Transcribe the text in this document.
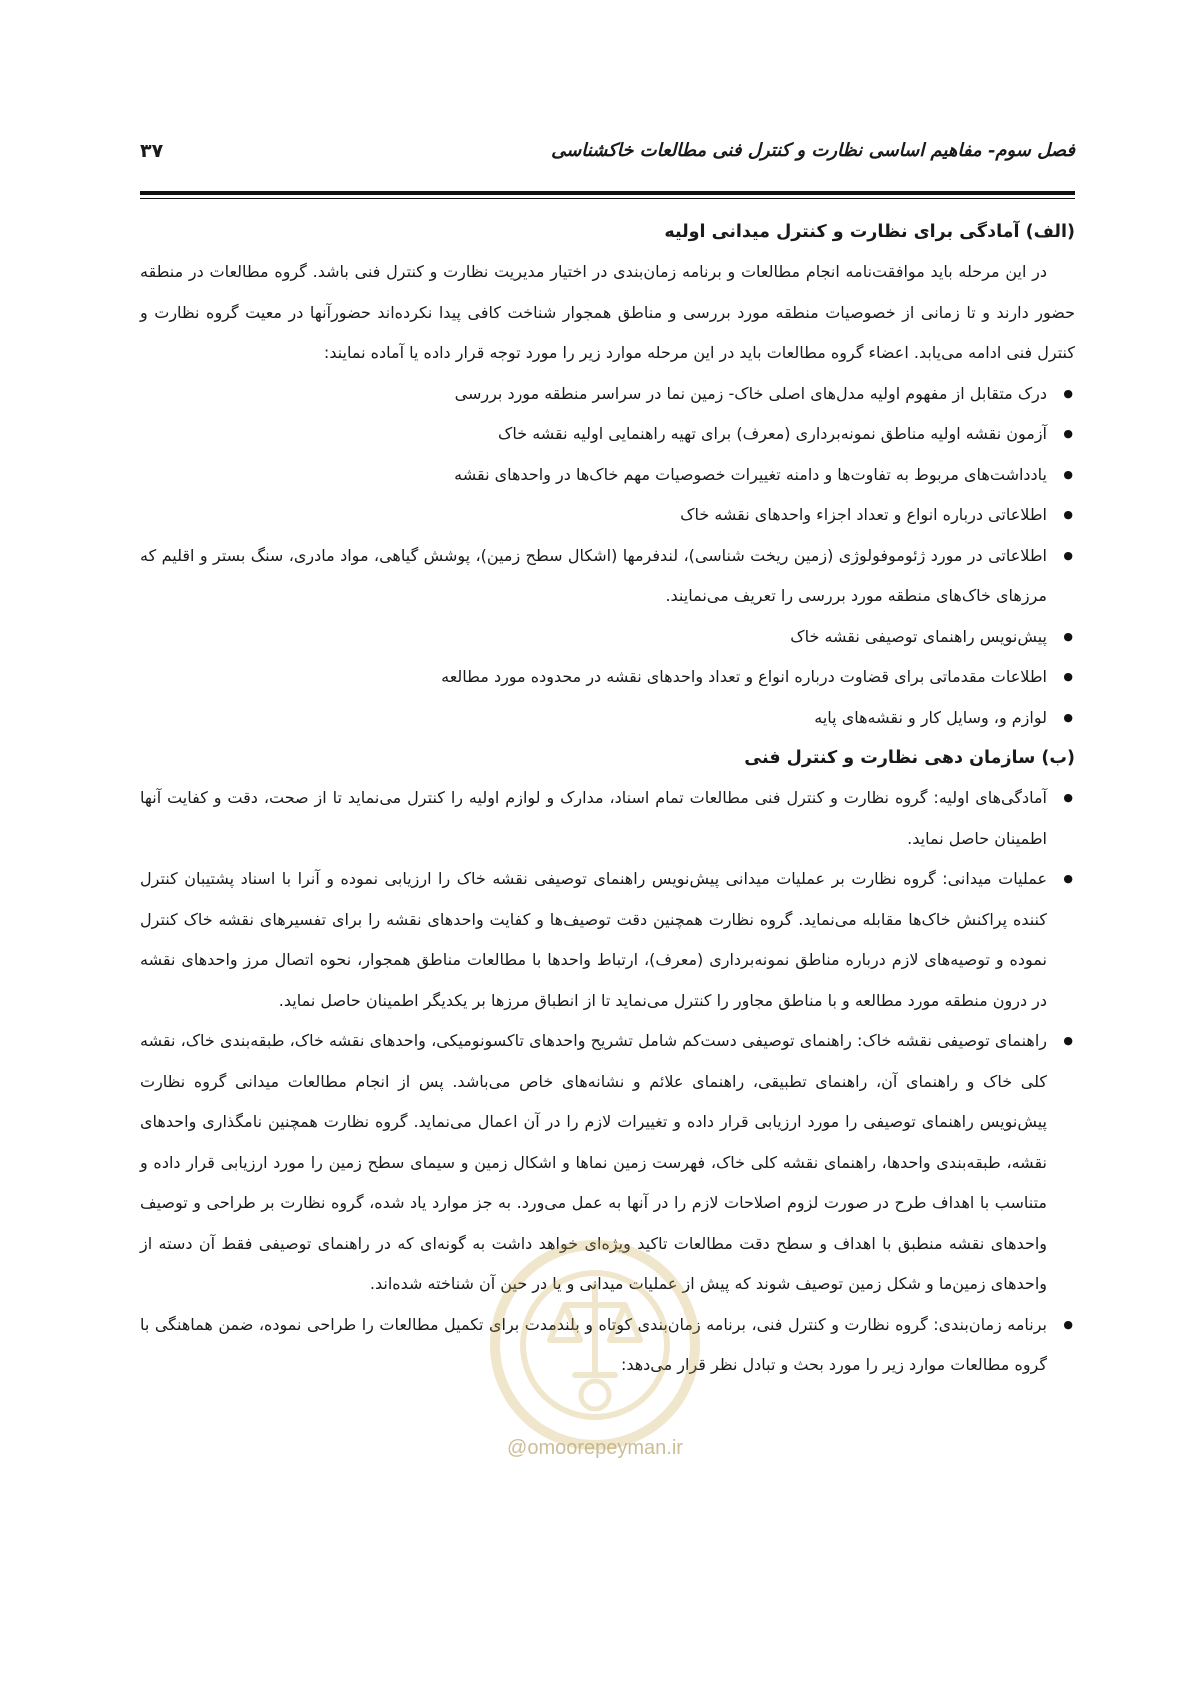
فصل سوم- مفاهیم اساسی نظارت و کنترل فنی مطالعات خاکشناسی
۳۷
(الف) آمادگی برای نظارت و کنترل میدانی اولیه

در این مرحله باید موافقت‌نامه انجام مطالعات و برنامه زمان‌بندی در اختیار مدیریت نظارت و کنترل فنی باشد. گروه مطالعات در منطقه حضور دارند و تا زمانی از خصوصیات منطقه مورد بررسی و مناطق همجوار شناخت کافی پیدا نکرده‌اند حضورآنها در معیت گروه نظارت و کنترل فنی ادامه می‌یابد. اعضاء گروه مطالعات باید در این مرحله موارد زیر را مورد توجه قرار داده یا آماده نمایند:

● درک متقابل از مفهوم اولیه مدل‌های اصلی خاک- زمین نما در سراسر منطقه مورد بررسی
● آزمون نقشه اولیه مناطق نمونه‌برداری (معرف) برای تهیه راهنمایی اولیه نقشه خاک
● یادداشت‌های مربوط به تفاوت‌ها و دامنه تغییرات خصوصیات مهم خاک‌ها در واحدهای نقشه
● اطلاعاتی درباره انواع و تعداد اجزاء واحدهای نقشه خاک
● اطلاعاتی در مورد ژئوموفولوژی (زمین ریخت شناسی)، لندفرمها (اشکال سطح زمین)، پوشش گیاهی، مواد مادری، سنگ بستر و اقلیم که مرزهای خاک‌های منطقه مورد بررسی را تعریف می‌نمایند.
● پیش‌نویس راهنمای توصیفی نقشه خاک
● اطلاعات مقدماتی برای قضاوت درباره انواع و تعداد واحدهای نقشه در محدوده مورد مطالعه
● لوازم و، وسایل کار و نقشه‌های پایه
(ب) سازمان دهی نظارت و کنترل فنی
● آمادگی‌های اولیه: گروه نظارت و کنترل فنی مطالعات تمام اسناد، مدارک و لوازم اولیه را کنترل می‌نماید تا از صحت، دقت و کفایت آنها اطمینان حاصل نماید.
● عملیات میدانی: گروه نظارت بر عملیات میدانی پیش‌نویس راهنمای توصیفی نقشه خاک را ارزیابی نموده و آنرا با اسناد پشتیبان کنترل کننده پراکنش خاک‌ها مقابله می‌نماید. گروه نظارت همچنین دقت توصیف‌ها و کفایت واحدهای نقشه را برای تفسیرهای نقشه خاک کنترل نموده و توصیه‌های لازم درباره مناطق نمونه‌برداری (معرف)، ارتباط واحدها با مطالعات مناطق همجوار، نحوه اتصال مرز واحدهای نقشه در درون منطقه مورد مطالعه و با مناطق مجاور را کنترل می‌نماید تا از انطباق مرزها بر یکدیگر اطمینان حاصل نماید.
● راهنمای توصیفی نقشه خاک: راهنمای توصیفی دست‌کم شامل تشریح واحدهای تاکسونومیکی، واحدهای نقشه خاک، طبقه‌بندی خاک، نقشه کلی خاک و راهنمای آن، راهنمای تطبیقی، راهنمای علائم و نشانه‌های خاص می‌باشد. پس از انجام مطالعات میدانی گروه نظارت پیش‌نویس راهنمای توصیفی را مورد ارزیابی قرار داده و تغییرات لازم را در آن اعمال می‌نماید. گروه نظارت همچنین نامگذاری واحدهای نقشه، طبقه‌بندی واحدها، راهنمای نقشه کلی خاک، فهرست زمین نماها و اشکال زمین و سیمای سطح زمین را مورد ارزیابی قرار داده و متناسب با اهداف طرح در صورت لزوم اصلاحات لازم را در آنها به عمل می‌ورد. به جز موارد یاد شده، گروه نظارت بر طراحی و توصیف واحدهای نقشه منطبق با اهداف و سطح دقت مطالعات تاکید ویژه‌ای خواهد داشت به گونه‌ای که در راهنمای توصیفی فقط آن دسته از واحدهای زمین‌ما و شکل زمین توصیف شوند که پیش از عملیات میدانی و یا در حین آن شناخته شده‌اند.
● برنامه زمان‌بندی: گروه نظارت و کنترل فنی، برنامه زمان‌بندی کوتاه و بلندمدت برای تکمیل مطالعات را طراحی نموده، ضمن هماهنگی با گروه مطالعات موارد زیر را مورد بحث و تبادل نظر قرار می‌دهد:
@omoorepeyman.ir
